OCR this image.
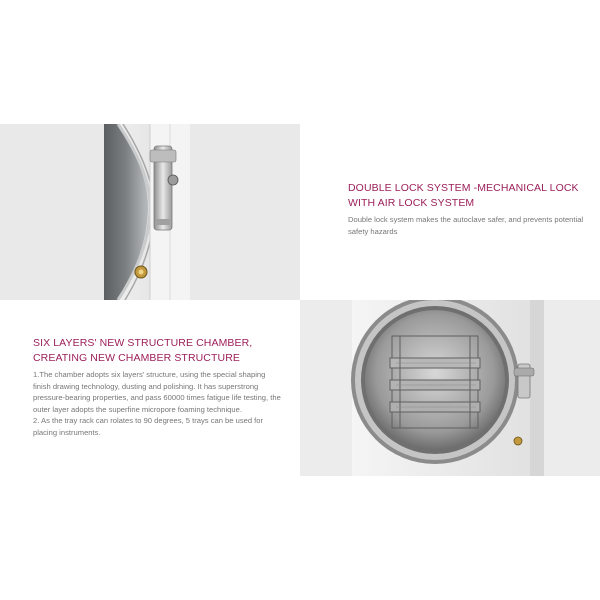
DOUBLE LOCK SYSTEM -MECHANICAL LOCK WITH AIR LOCK SYSTEM
Double lock system makes the autoclave safer, and prevents potential safety hazards
SIX LAYERS' NEW STRUCTURE CHAMBER, CREATING NEW CHAMBER STRUCTURE

1.The chamber adopts six layers' structure, using the special shaping finish drawing technology, dusting and polishing. It has superstrong pressure-bearing properties, and pass 60000 times fatigue life testing, the outer layer adopts the superfine micropore foaming technique.

2. As the tray rack can rolates to 90 degrees, 5 trays can be used for placing instruments.
